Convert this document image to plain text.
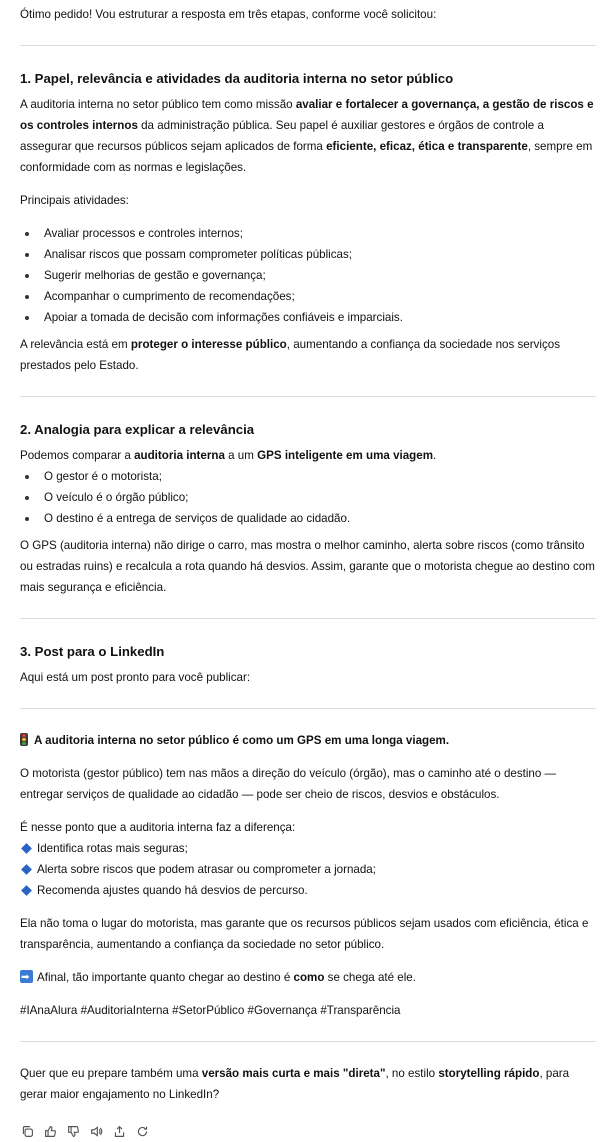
Ótimo pedido! Vou estruturar a resposta em três etapas, conforme você solicitou:

1. Papel, relevância e atividades da auditoria interna no setor público

A auditoria interna no setor público tem como missão avaliar e fortalecer a governança, a gestão de riscos e os controles internos da administração pública. Seu papel é auxiliar gestores e órgãos de controle a assegurar que recursos públicos sejam aplicados de forma eficiente, eficaz, ética e transparente, sempre em conformidade com as normas e legislações.

Principais atividades:

Avaliar processos e controles internos;
Analisar riscos que possam comprometer políticas públicas;
Sugerir melhorias de gestão e governança;
Acompanhar o cumprimento de recomendações;
Apoiar a tomada de decisão com informações confiáveis e imparciais.

A relevância está em proteger o interesse público, aumentando a confiança da sociedade nos serviços prestados pelo Estado.

2. Analogia para explicar a relevância

Podemos comparar a auditoria interna a um GPS inteligente em uma viagem.

O gestor é o motorista;
O veículo é o órgão público;
O destino é a entrega de serviços de qualidade ao cidadão.

O GPS (auditoria interna) não dirige o carro, mas mostra o melhor caminho, alerta sobre riscos (como trânsito ou estradas ruins) e recalcula a rota quando há desvios. Assim, garante que o motorista chegue ao destino com mais segurança e eficiência.

3. Post para o LinkedIn

Aqui está um post pronto para você publicar:

A auditoria interna no setor público é como um GPS em uma longa viagem.

O motorista (gestor público) tem nas mãos a direção do veículo (órgão), mas o caminho até o destino — entregar serviços de qualidade ao cidadão — pode ser cheio de riscos, desvios e obstáculos.

É nesse ponto que a auditoria interna faz a diferença:

Identifica rotas mais seguras;
Alerta sobre riscos que podem atrasar ou comprometer a jornada;
Recomenda ajustes quando há desvios de percurso.

Ela não toma o lugar do motorista, mas garante que os recursos públicos sejam usados com eficiência, ética e transparência, aumentando a confiança da sociedade no setor público.

➡Afinal, tão importante quanto chegar ao destino é como se chega até ele.

#IAnaAlura #AuditoriaInterna #SetorPúblico #Governança #Transparência

Quer que eu prepare também uma versão mais curta e mais "direta", no estilo storytelling rápido, para gerar maior engajamento no LinkedIn?
